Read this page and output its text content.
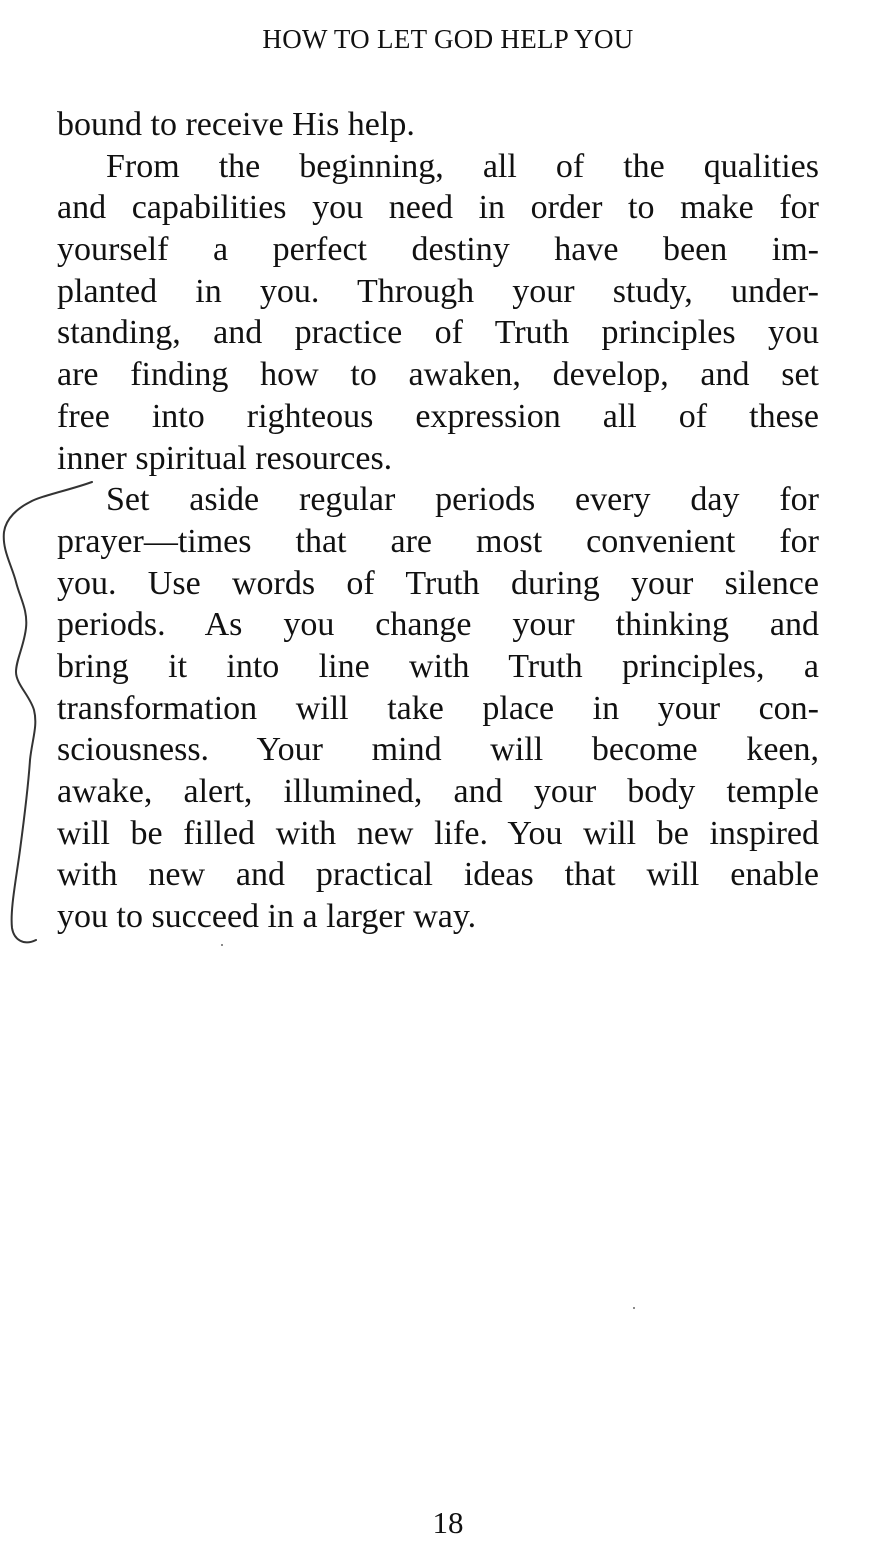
HOW TO LET GOD HELP YOU
bound to receive His help.
From the beginning, all of the qualities
and capabilities you need in order to make for
yourself a perfect destiny have been im-
planted in you. Through your study, under-
standing, and practice of Truth principles you
are finding how to awaken, develop, and set
free into righteous expression all of these
inner spiritual resources.
Set aside regular periods every day for
prayer—times that are most convenient for
you. Use words of Truth during your silence
periods. As you change your thinking and
bring it into line with Truth principles, a
transformation will take place in your con-
sciousness. Your mind will become keen,
awake, alert, illumined, and your body temple
will be filled with new life. You will be inspired
with new and practical ideas that will enable
you to succeed in a larger way.
18
